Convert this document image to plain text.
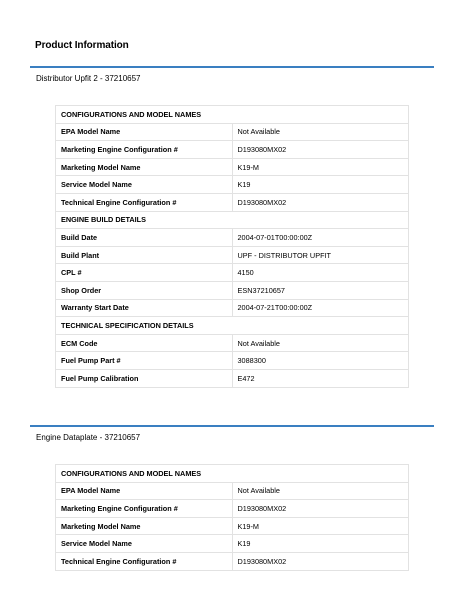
Product Information
Distributor Upfit 2 - 37210657
CONFIGURATIONS AND MODEL NAMES	
EPA Model Name	Not Available
Marketing Engine Configuration #	D193080MX02
Marketing Model Name	K19-M
Service Model Name	K19
Technical Engine Configuration #	D193080MX02
ENGINE BUILD DETAILS	
Build Date	2004-07-01T00:00:00Z
Build Plant	UPF - DISTRIBUTOR UPFIT
CPL #	4150
Shop Order	ESN37210657
Warranty Start Date	2004-07-21T00:00:00Z
TECHNICAL SPECIFICATION DETAILS	
ECM Code	Not Available
Fuel Pump Part #	3088300
Fuel Pump Calibration	E472
Engine Dataplate - 37210657
CONFIGURATIONS AND MODEL NAMES	
EPA Model Name	Not Available
Marketing Engine Configuration #	D193080MX02
Marketing Model Name	K19-M
Service Model Name	K19
Technical Engine Configuration #	D193080MX02
